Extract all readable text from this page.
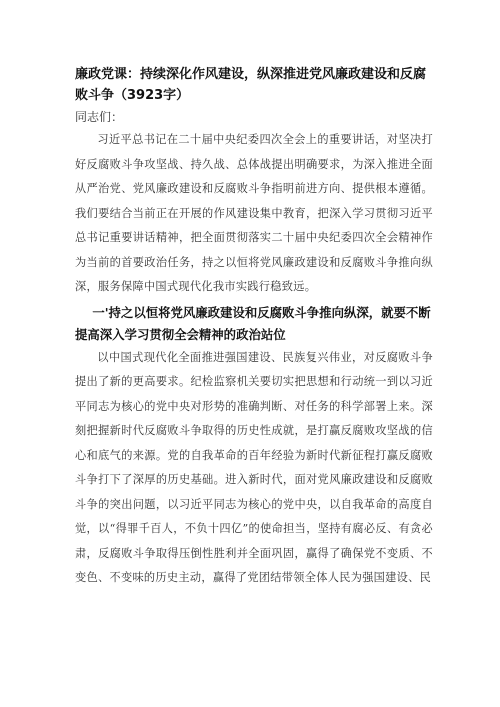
廉政党课：持续深化作风建设，纵深推进党风廉政建设和反腐败斗争（3923字）

同志们：

习近平总书记在二十届中央纪委四次全会上的重要讲话，对坚决打好反腐败斗争攻坚战、持久战、总体战提出明确要求，为深入推进全面从严治党、党风廉政建设和反腐败斗争指明前进方向、提供根本遵循。我们要结合当前正在开展的作风建设集中教育，把深入学习贯彻习近平总书记重要讲话精神，把全面贯彻落实二十届中央纪委四次全会精神作为当前的首要政治任务，持之以恒将党风廉政建设和反腐败斗争推向纵深，服务保障中国式现代化我市实践行稳致远。

一'持之以恒将党风廉政建设和反腐败斗争推向纵深，就要不断提高深入学习贯彻全会精神的政治站位

以中国式现代化全面推进强国建设、民族复兴伟业，对反腐败斗争提出了新的更高要求。纪检监察机关要切实把思想和行动统一到以习近平同志为核心的党中央对形势的准确判断、对任务的科学部署上来。深刻把握新时代反腐败斗争取得的历史性成就，是打赢反腐败攻坚战的信心和底气的来源。党的自我革命的百年经验为新时代新征程打赢反腐败斗争打下了深厚的历史基础。进入新时代，面对党风廉政建设和反腐败斗争的突出问题，以习近平同志为核心的党中央，以自我革命的高度自觉，以“得罪千百人，不负十四亿”的使命担当，坚持有腐必反、有贪必肃，反腐败斗争取得压倒性胜利并全面巩固，赢得了确保党不变质、不变色、不变味的历史主动，赢得了党团结带领全体人民为强国建设、民
